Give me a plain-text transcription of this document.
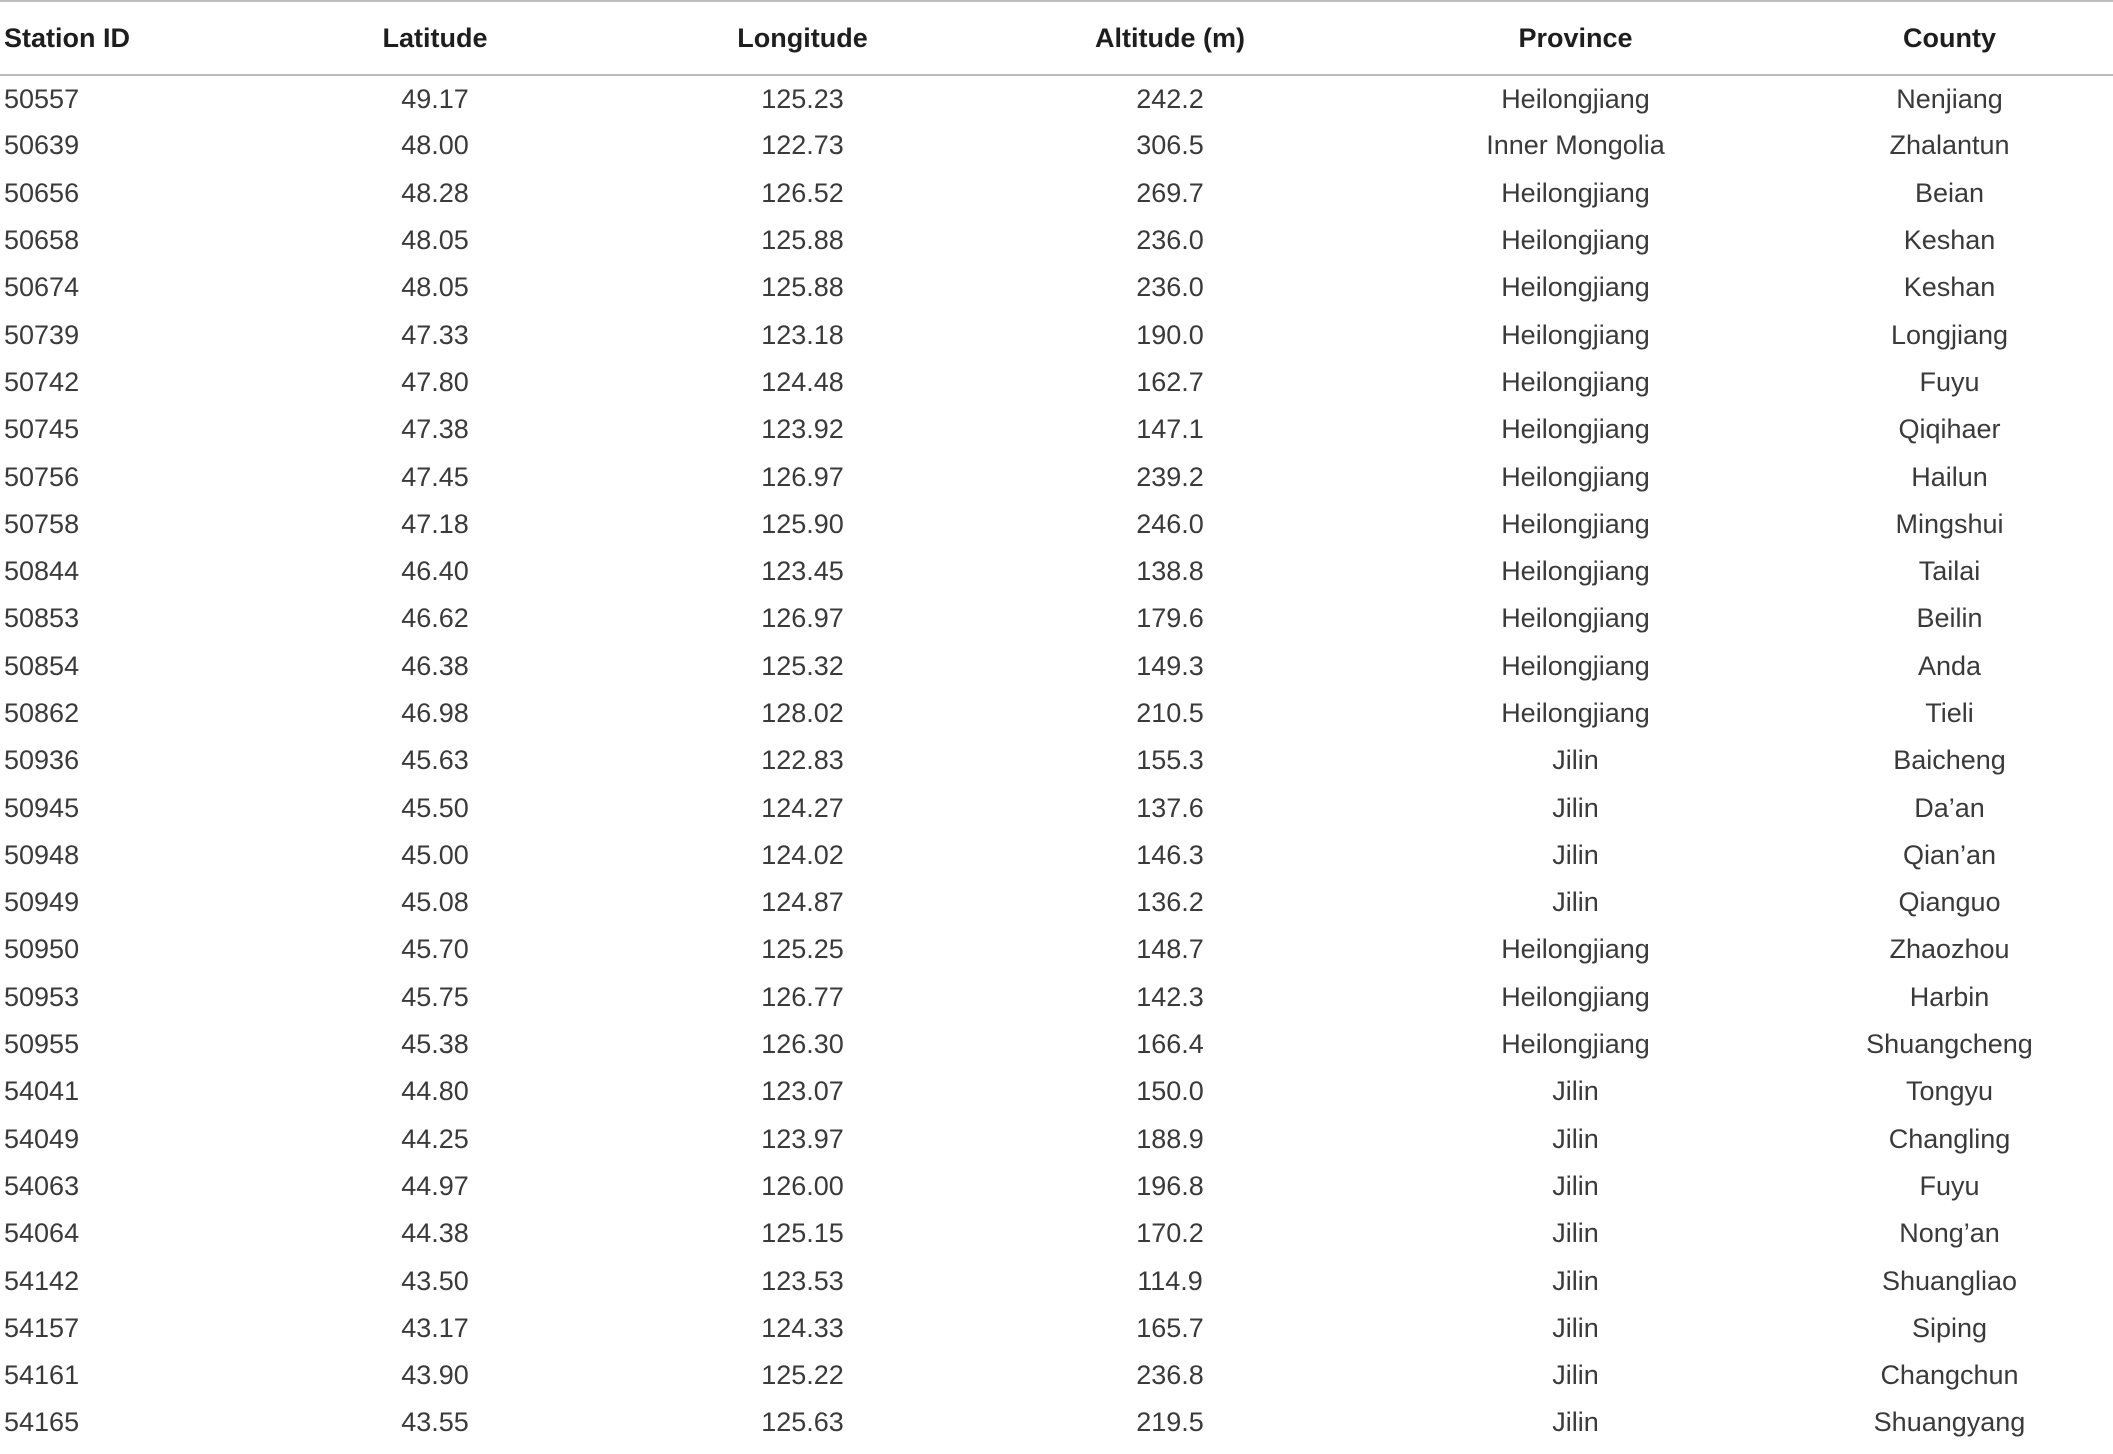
Station ID	Latitude	Longitude	Altitude (m)	Province	County
50557	49.17	125.23	242.2	Heilongjiang	Nenjiang
50639	48.00	122.73	306.5	Inner Mongolia	Zhalantun
50656	48.28	126.52	269.7	Heilongjiang	Beian
50658	48.05	125.88	236.0	Heilongjiang	Keshan
50674	48.05	125.88	236.0	Heilongjiang	Keshan
50739	47.33	123.18	190.0	Heilongjiang	Longjiang
50742	47.80	124.48	162.7	Heilongjiang	Fuyu
50745	47.38	123.92	147.1	Heilongjiang	Qiqihaer
50756	47.45	126.97	239.2	Heilongjiang	Hailun
50758	47.18	125.90	246.0	Heilongjiang	Mingshui
50844	46.40	123.45	138.8	Heilongjiang	Tailai
50853	46.62	126.97	179.6	Heilongjiang	Beilin
50854	46.38	125.32	149.3	Heilongjiang	Anda
50862	46.98	128.02	210.5	Heilongjiang	Tieli
50936	45.63	122.83	155.3	Jilin	Baicheng
50945	45.50	124.27	137.6	Jilin	Da’an
50948	45.00	124.02	146.3	Jilin	Qian’an
50949	45.08	124.87	136.2	Jilin	Qianguo
50950	45.70	125.25	148.7	Heilongjiang	Zhaozhou
50953	45.75	126.77	142.3	Heilongjiang	Harbin
50955	45.38	126.30	166.4	Heilongjiang	Shuangcheng
54041	44.80	123.07	150.0	Jilin	Tongyu
54049	44.25	123.97	188.9	Jilin	Changling
54063	44.97	126.00	196.8	Jilin	Fuyu
54064	44.38	125.15	170.2	Jilin	Nong’an
54142	43.50	123.53	114.9	Jilin	Shuangliao
54157	43.17	124.33	165.7	Jilin	Siping
54161	43.90	125.22	236.8	Jilin	Changchun
54165	43.55	125.63	219.5	Jilin	Shuangyang
